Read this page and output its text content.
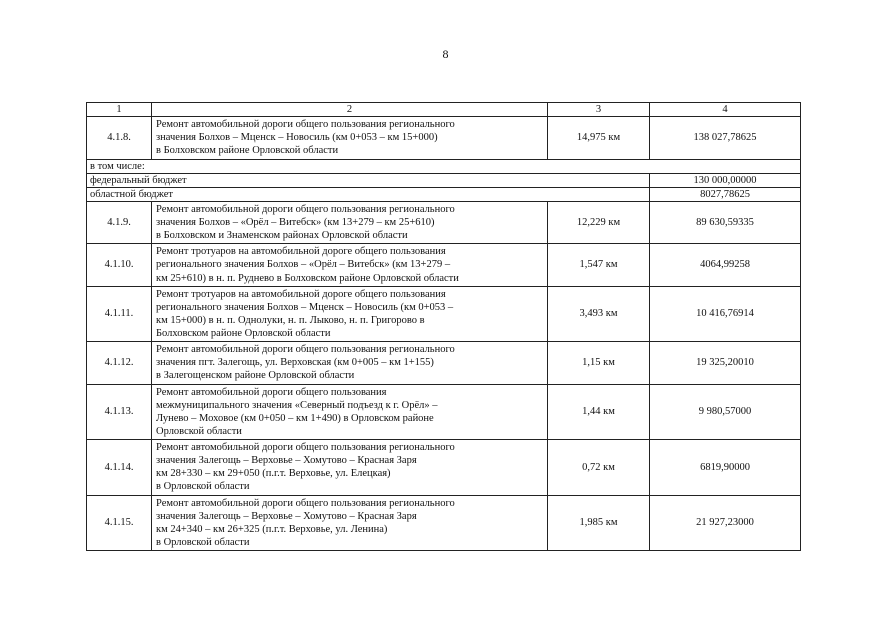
8
1	2	3	4
4.1.8.	Ремонт автомобильной дороги общего пользования регионального
значения Болхов – Мценск – Новосиль (км 0+053 – км 15+000)
в Болховском районе Орловской области	14,975 км	138 027,78625
в том числе:			
федеральный бюджет			130 000,00000
областной бюджет			8027,78625
4.1.9.	Ремонт автомобильной дороги общего пользования регионального
значения Болхов – «Орёл – Витебск» (км 13+279 – км 25+610)
в Болховском и Знаменском районах Орловской области	12,229 км	89 630,59335
4.1.10.	Ремонт тротуаров на автомобильной дороге общего пользования
регионального значения Болхов – «Орёл – Витебск» (км 13+279 –
км 25+610) в н. п. Руднево в Болховском районе Орловской области	1,547 км	4064,99258
4.1.11.	Ремонт тротуаров на автомобильной дороге общего пользования
регионального значения Болхов – Мценск – Новосиль (км 0+053 –
км 15+000) в н. п. Однолуки, н. п. Лыково, н. п. Григорово в
Болховском районе Орловской области	3,493 км	10 416,76914
4.1.12.	Ремонт автомобильной дороги общего пользования регионального
значения пгт. Залегощь, ул. Верховская (км 0+005 – км 1+155)
в Залегощенском районе Орловской области	1,15 км	19 325,20010
4.1.13.	Ремонт автомобильной дороги общего пользования
межмуниципального значения «Северный подъезд к г. Орёл» –
Лунево – Моховое (км 0+050 – км 1+490) в Орловском районе
Орловской области	1,44 км	9 980,57000
4.1.14.	Ремонт автомобильной дороги общего пользования регионального
значения Залегощь – Верховье – Хомутово – Красная Заря
км 28+330 – км 29+050 (п.г.т. Верховье, ул. Елецкая)
в Орловской области	0,72 км	6819,90000
4.1.15.	Ремонт автомобильной дороги общего пользования регионального
значения Залегощь – Верховье – Хомутово – Красная Заря
км 24+340 – км 26+325 (п.г.т. Верховье, ул. Ленина)
в Орловской области	1,985 км	21 927,23000
